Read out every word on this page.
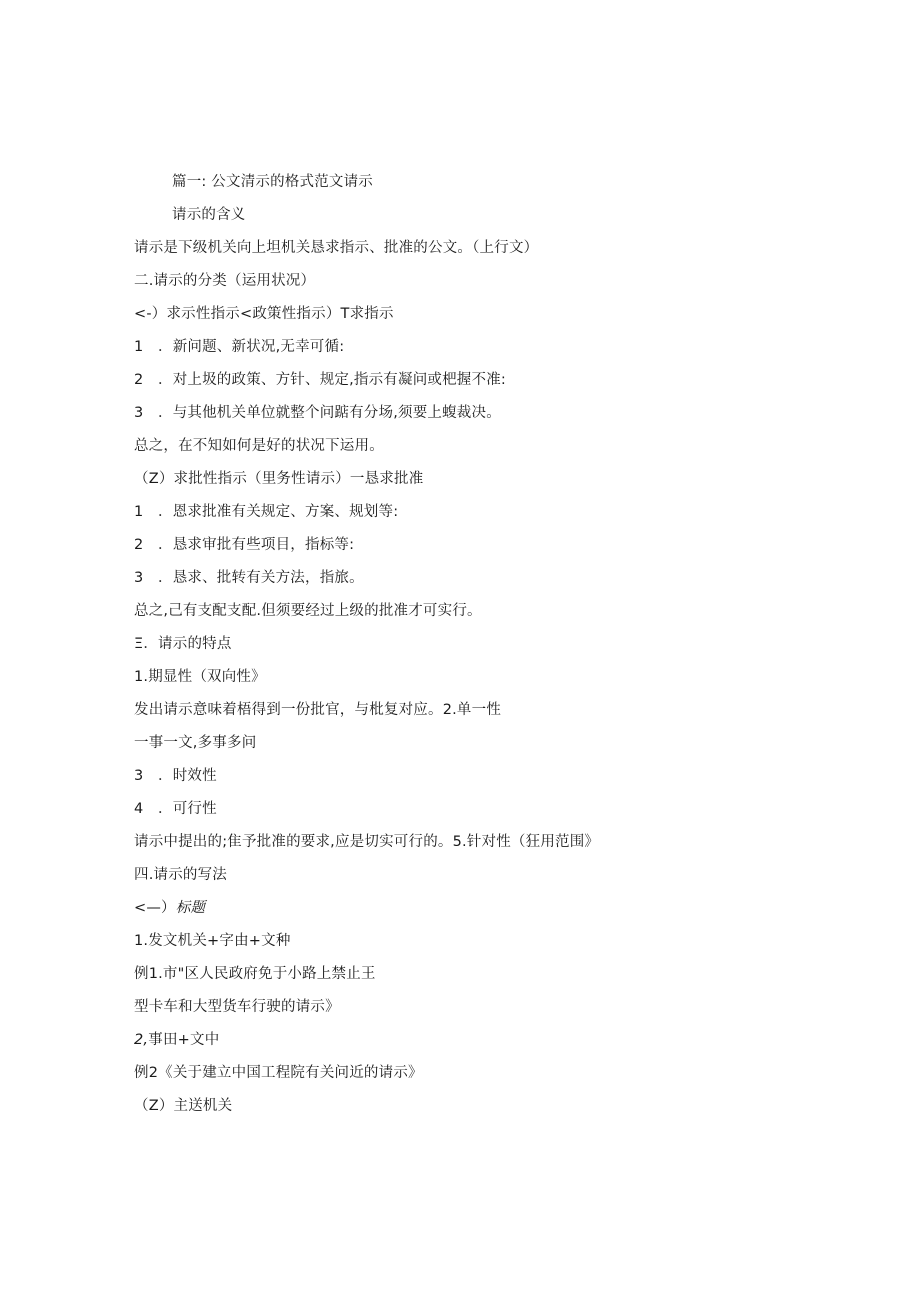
篇一: 公文清示的格式范文请示
请示的含义
请示是下级机关向上坦机关恳求指示、批准的公文。（上行文）
二.请示的分类（运用状况）
<-）求示性指示<政策性指示）T求指示
1 ．新问题、新状况,无幸可循:
2 ．对上圾的政策、方针、规定,指示有凝问或杷握不准:
3 ．与其他机关单位就整个问踮有分场,须要上蝮裁决。
总之，在不知如何是好的状况下运用。
（Z）求批性指示（里务性请示）一恳求批准
1 ．恩求批准有关规定、方案、规划等:
2 ．恳求审批有些项目，指标等:
3 ．恳求、批转有关方法，指旅。
总之,己有支配支配.但须要经过上级的批准才可实行。
Ξ．请示的特点
1.期显性（双向性》
发出请示意味着梧得到一份批官，与枇复对应。2.单一性
一事一文,多事多问
3 ．时效性
4 ．可行性
请示中提出的;隹予批准的要求,应是切实可行的。5.针对性（狂用范围》
四.请示的写法
<—）标题
1.发文机关+字由+文种
例1.市"区人民政府免于小路上禁止王
型卡车和大型货车行驶的请示》
2,事田+文中
例2《关于建立中国工程院有关问近的请示》
（Z）主送机关
